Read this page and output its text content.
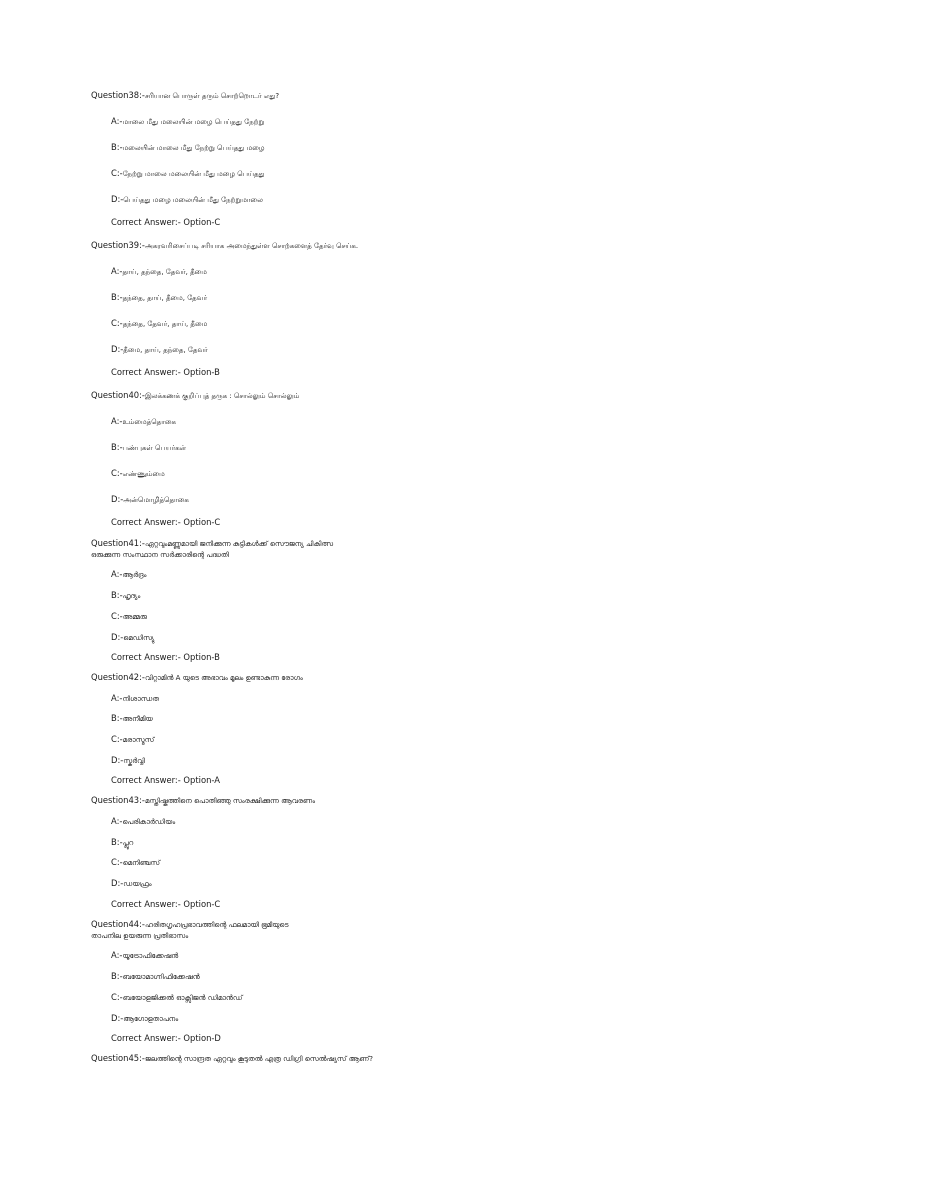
Question38:-சரியான பொருள் தரும் சொற்றொடர் எது?
A:-மாலை மீது மலையின் மழை பெய்தது நேற்று
B:-மலையின் மாலை மீது நேற்று பெய்தது மழை
C:-நேற்று மாலை மலையின் மீது மழை பெய்தது
D:-பெய்தது மழை மலையின் மீது நேற்றுமாலை
Correct Answer:- Option-C
Question39:-அகரவரிசைப்படி சரியாக அமைந்துள்ள சொற்களைத் தேர்வு செய்க.
A:-தாய், தந்தை, தேவர், தீமை
B:-தந்தை, தாய், தீமை, தேவர்
C:-தந்தை, தேவர், தாய், தீமை
D:-தீமை, தாய், தந்தை, தேவர்
Correct Answer:- Option-B
Question40:-இலக்கணக் குறிப்புத் தருக : சொல்லும் சொல்லும்
A:-உம்மைத்தொகை
B:-பண்புகள் பெயர்கள்
C:-எண்ணும்மை
D:-அன்மொழித்தொகை
Correct Answer:- Option-C
Question41:-ഏറ്റവുംമണ്ണുമായി ജനിക്കുന്ന കുട്ടികൾക്ക് സൌജന്യ ചികിത്സ
ഒരുക്കുന്ന സംസ്ഥാന സർക്കാരിന്റെ പദ്ധതി
A:-ആർദ്രം
B:-ഹൃദ്യം
C:-അമ്മരു
D:-മെഡിസ്യു
Correct Answer:- Option-B
Question42:-വിറ്റാമിൻ A യുടെ അഭാവം മൂലം ഉണ്ടാകുന്ന രോഗം
A:-നിശാന്ധത
B:-അനീമിയ
C:-മരാസ്മസ്
D:-സ്കർവ്വി
Correct Answer:- Option-A
Question43:-മസ്തിഷ്കത്തിനെ പൊതിഞ്ഞു സംരക്ഷിക്കുന്ന ആവരണം
A:-പെരികാർഡിയം
B:-പ്ലൂറ
C:-മെനിഞ്ചസ്
D:-ഡയഫ്രം
Correct Answer:- Option-C
Question44:-ഹരിതഗൃഹപ്രഭാവത്തിന്റെ ഫലമായി ഭൂമിയുടെ
താപനില ഉയരുന്ന പ്രതിഭാസം
A:-യൂട്രോഫിക്കേഷൻ
B:-ബയോമാഗ്നിഫിക്കേഷൻ
C:-ബയോളജിക്കൽ ഓക്സിജൻ ഡിമാൻഡ്
D:-ആഗോളതാപനം
Correct Answer:- Option-D
Question45:-ജലത്തിന്റെ സാന്ദ്രത ഏറ്റവും കൂടുതൽ എത്ര ഡിഗ്രി സെൽഷ്യസ് ആണ്?
